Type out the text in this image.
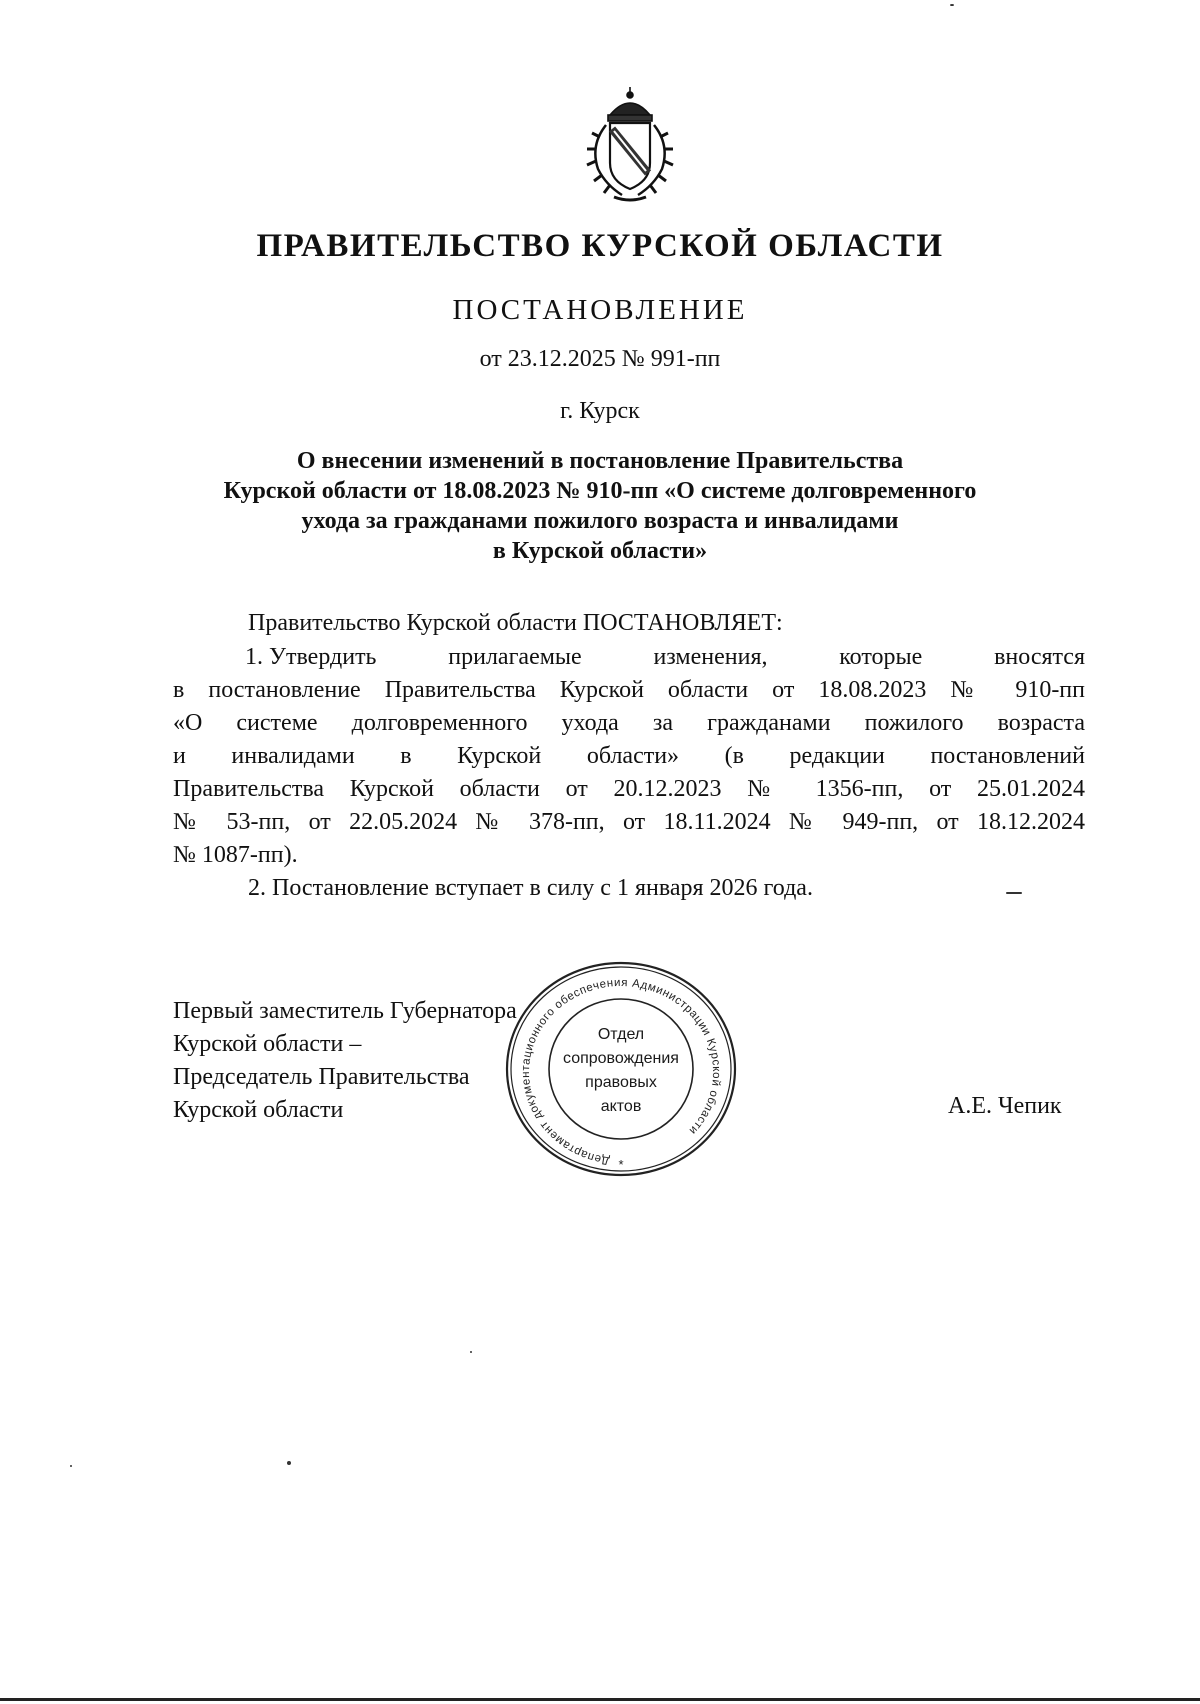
ПРАВИТЕЛЬСТВО КУРСКОЙ ОБЛАСТИ
ПОСТАНОВЛЕНИЕ
от 23.12.2025 № 991-пп
г. Курск
О внесении изменений в постановление Правительства
Курской области от 18.08.2023 № 910-пп «О системе долговременного
ухода за гражданами пожилого возраста и инвалидами
в Курской области»
Правительство Курской области ПОСТАНОВЛЯЕТ:
1. Утвердить	прилагаемые	изменения,	которые	вносятся
в постановление Правительства Курской области от 18.08.2023 № 910-пп
«О системе долговременного ухода за гражданами пожилого возраста
и инвалидами в Курской области» (в редакции постановлений
Правительства Курской области от 20.12.2023 № 1356-пп, от 25.01.2024
№ 53-пп, от 22.05.2024 № 378-пп, от 18.11.2024 № 949-пп, от 18.12.2024
№ 1087-пп).
2. Постановление вступает в силу с 1 января 2026 года.
Первый заместитель Губернатора
Курской области –
Председатель Правительства
Курской области	А.Е. Чепик
Департамент документационного обеспечения Администрации Курской области
Отдел
сопровождения
правовых
актов
*
